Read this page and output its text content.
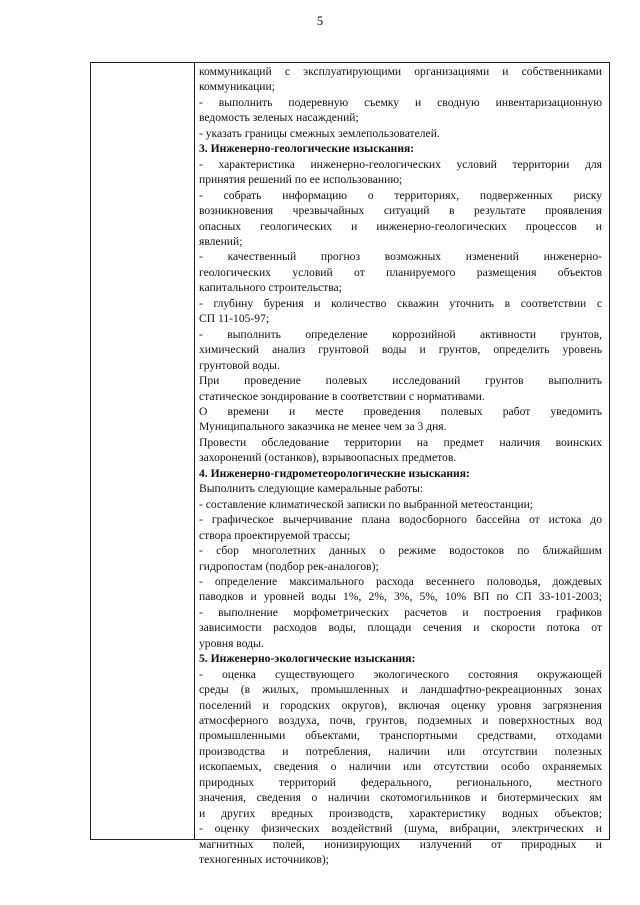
5
коммуникаций с эксплуатирующими организациями и собственниками
коммуникации;
- выполнить подеревную съемку и сводную инвентаризационную
ведомость зеленых насаждений;
- указать границы смежных землепользователей.
3. Инженерно-геологические изыскания:
- характеристика инженерно-геологических условий территории для
принятия решений по ее использованию;
- собрать информацию о территориях, подверженных риску
возникновения чрезвычайных ситуаций в результате проявления
опасных геологических и инженерно-геологических процессов и
явлений;
- качественный прогноз возможных изменений инженерно-
геологических условий от планируемого размещения объектов
капитального строительства;
- глубину бурения и количество скважин уточнить в соответствии с
СП 11-105-97;
- выполнить определение коррозийной активности грунтов,
химический анализ грунтовой воды и грунтов, определить уровень
грунтовой воды.
При проведение полевых исследований грунтов выполнить
статическое зондирование в соответствии с нормативами.
О времени и месте проведения полевых работ уведомить
Муниципального заказчика не менее чем за 3 дня.
Провести обследование территории на предмет наличия воинских
захоронений (останков), взрывоопасных предметов.
4. Инженерно-гидрометеорологические изыскания:
Выполнить следующие камеральные работы:
- составление климатической записки по выбранной метеостанции;
- графическое вычерчивание плана водосборного бассейна от истока до
створа проектируемой трассы;
- сбор многолетних данных о режиме водостоков по ближайшим
гидропостам (подбор рек-аналогов);
- определение максимального расхода весеннего половодья, дождевых
паводков и уровней воды 1%, 2%, 3%, 5%, 10% ВП по СП 33-101-2003;
- выполнение морфометрических расчетов и построения графиков
зависимости расходов воды, площади сечения и скорости потока от
уровня воды.
5. Инженерно-экологические изыскания:
- оценка существующего экологического состояния окружающей
среды (в жилых, промышленных и ландшафтно-рекреационных зонах
поселений и городских округов), включая оценку уровня загрязнения
атмосферного воздуха, почв, грунтов, подземных и поверхностных вод
промышленными объектами, транспортными средствами, отходами
производства и потребления, наличии или отсутствии полезных
ископаемых, сведения о наличии или отсутствии особо охраняемых
природных территорий федерального, регионального, местного
значения, сведения о наличии скотомогильников и биотермических ям
и других вредных производств, характеристику водных объектов;
- оценку физических воздействий (шума, вибрации, электрических и
магнитных полей, ионизирующих излучений от природных и
техногенных источников);
